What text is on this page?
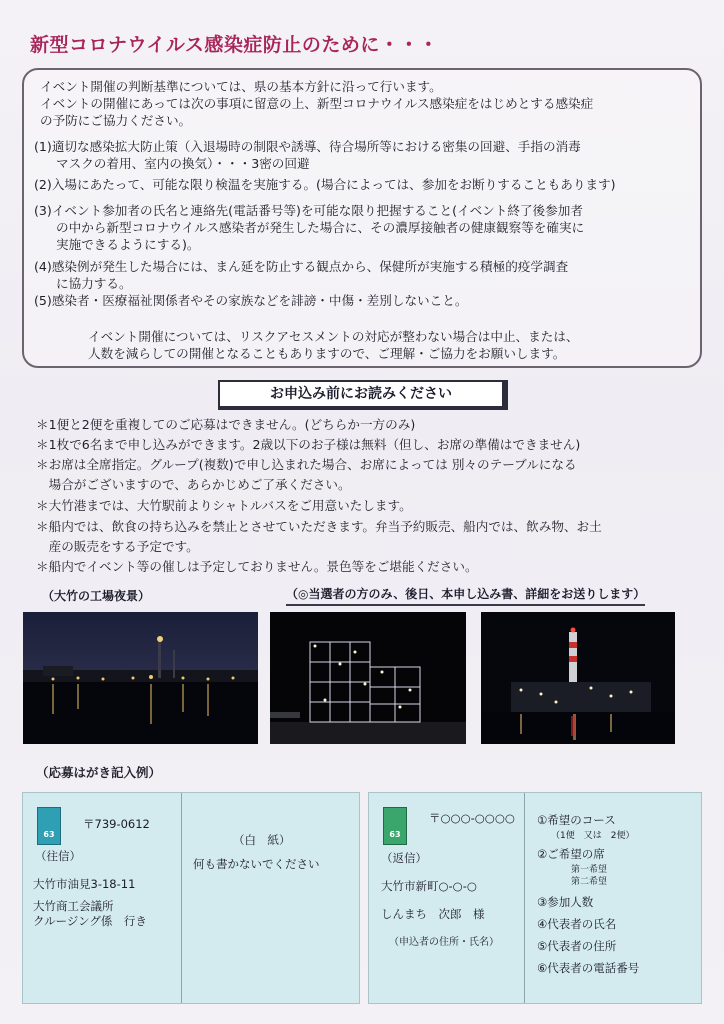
新型コロナウイルス感染症防止のために・・・
イベント開催の判断基準については、県の基本方針に沿って行います。
イベントの開催にあっては次の事項に留意の上、新型コロナウイルス感染症をはじめとする感染症
の予防にご協力ください。
(1)適切な感染拡大防止策（入退場時の制限や誘導、待合場所等における密集の回避、手指の消毒
マスクの着用、室内の換気）・・・3密の回避
(2)入場にあたって、可能な限り検温を実施する。(場合によっては、参加をお断りすることもあります)
(3)イベント参加者の氏名と連絡先(電話番号等)を可能な限り把握すること(イベント終了後参加者
の中から新型コロナウイルス感染者が発生した場合に、その濃厚接触者の健康観察等を確実に
実施できるようにする)。
(4)感染例が発生した場合には、まん延を防止する観点から、保健所が実施する積極的疫学調査
に協力する。
(5)感染者・医療福祉関係者やその家族などを誹謗・中傷・差別しないこと。
イベント開催については、リスクアセスメントの対応が整わない場合は中止、または、
人数を減らしての開催となることもありますので、ご理解・ご協力をお願いします。
お申込み前にお読みください
＊1便と2便を重複してのご応募はできません。(どちらか一方のみ)
＊1枚で6名まで申し込みができます。2歳以下のお子様は無料（但し、お席の準備はできません)
＊お席は全席指定。グループ(複数)で申し込まれた場合、お席によっては 別々のテーブルになる
　場合がございますので、あらかじめご了承ください。
＊大竹港までは、大竹駅前よりシャトルバスをご用意いたします。
＊船内では、飲食の持ち込みを禁止とさせていただきます。弁当予約販売、船内では、飲み物、お土
　産の販売をする予定です。
＊船内でイベント等の催しは予定しておりません。景色等をご堪能ください。
（大竹の工場夜景）	（◎当選者の方のみ、後日、本申し込み書、詳細をお送りします）
（応募はがき記入例）
63
〒739-0612
（往信）
大竹市油見3-18-11
大竹商工会議所
クルージング係　行き
（白　紙）
何も書かないでください
63
〒○○○-○○○○
（返信）
大竹市新町○-○-○
しんまち　次郎　様
（申込者の住所・氏名）
①希望のコース
（1便　又は　2便）
②ご希望の席
第一希望
第二希望
③参加人数
④代表者の氏名
⑤代表者の住所
⑥代表者の電話番号
